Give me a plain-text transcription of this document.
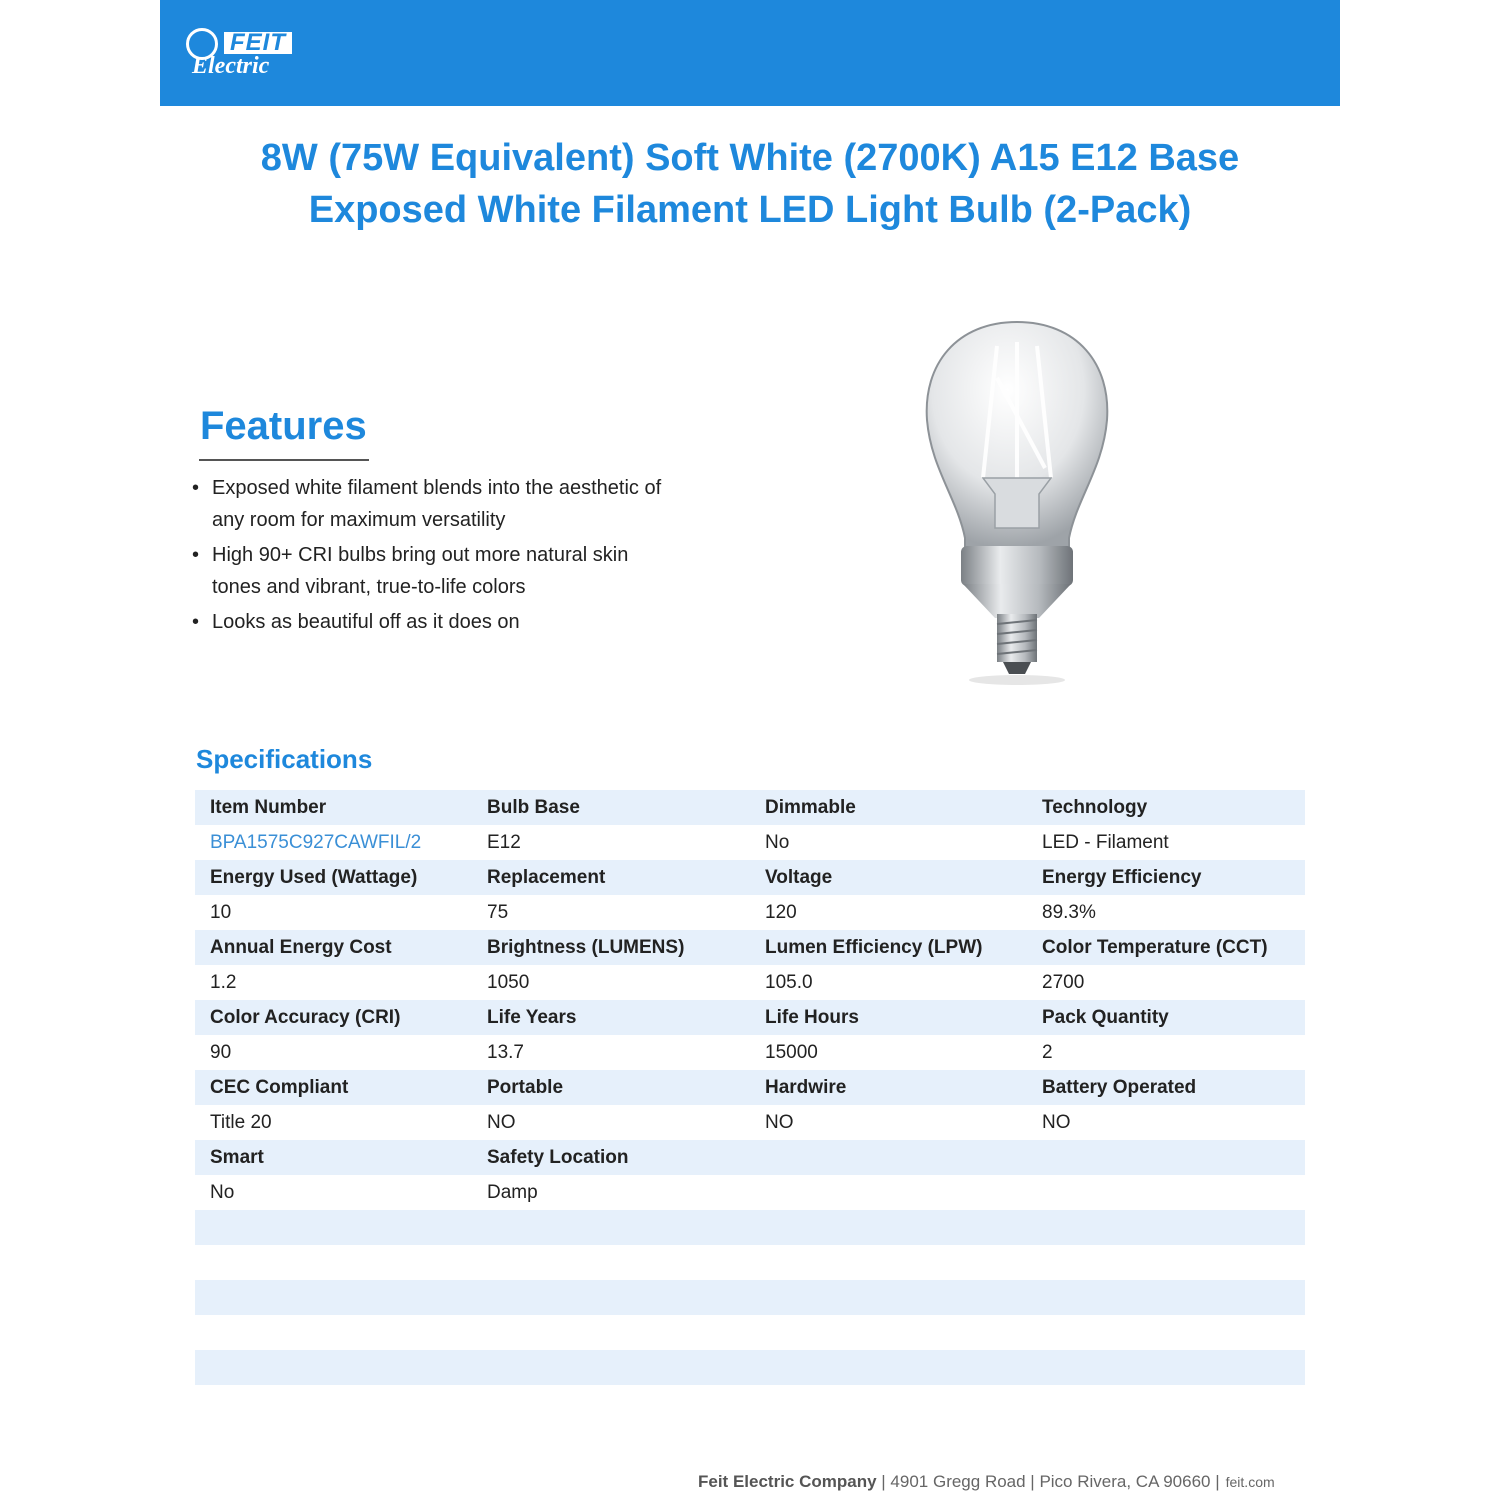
FEIT
Electric
8W (75W Equivalent) Soft White (2700K) A15 E12 Base
Exposed White Filament LED Light Bulb (2-Pack)
Features
• Exposed white filament blends into the aesthetic of
any room for maximum versatility
• High 90+ CRI bulbs bring out more natural skin
tones and vibrant, true-to-life colors
• Looks as beautiful off as it does on
Specifications
Item Number	Bulb Base	Dimmable	Technology
BPA1575C927CAWFIL/2	E12	No	LED - Filament
Energy Used (Wattage)	Replacement	Voltage	Energy Efficiency
10	75	120	89.3%
Annual Energy Cost	Brightness (LUMENS)	Lumen Efficiency (LPW)	Color Temperature (CCT)
1.2	1050	105.0	2700
Color Accuracy (CRI)	Life Years	Life Hours	Pack Quantity
90	13.7	15000	2
CEC Compliant	Portable	Hardwire	Battery Operated
Title 20	NO	NO	NO
Smart	Safety Location
No	Damp
Feit Electric Company | 4901 Gregg Road | Pico Rivera, CA 90660 | feit.com
